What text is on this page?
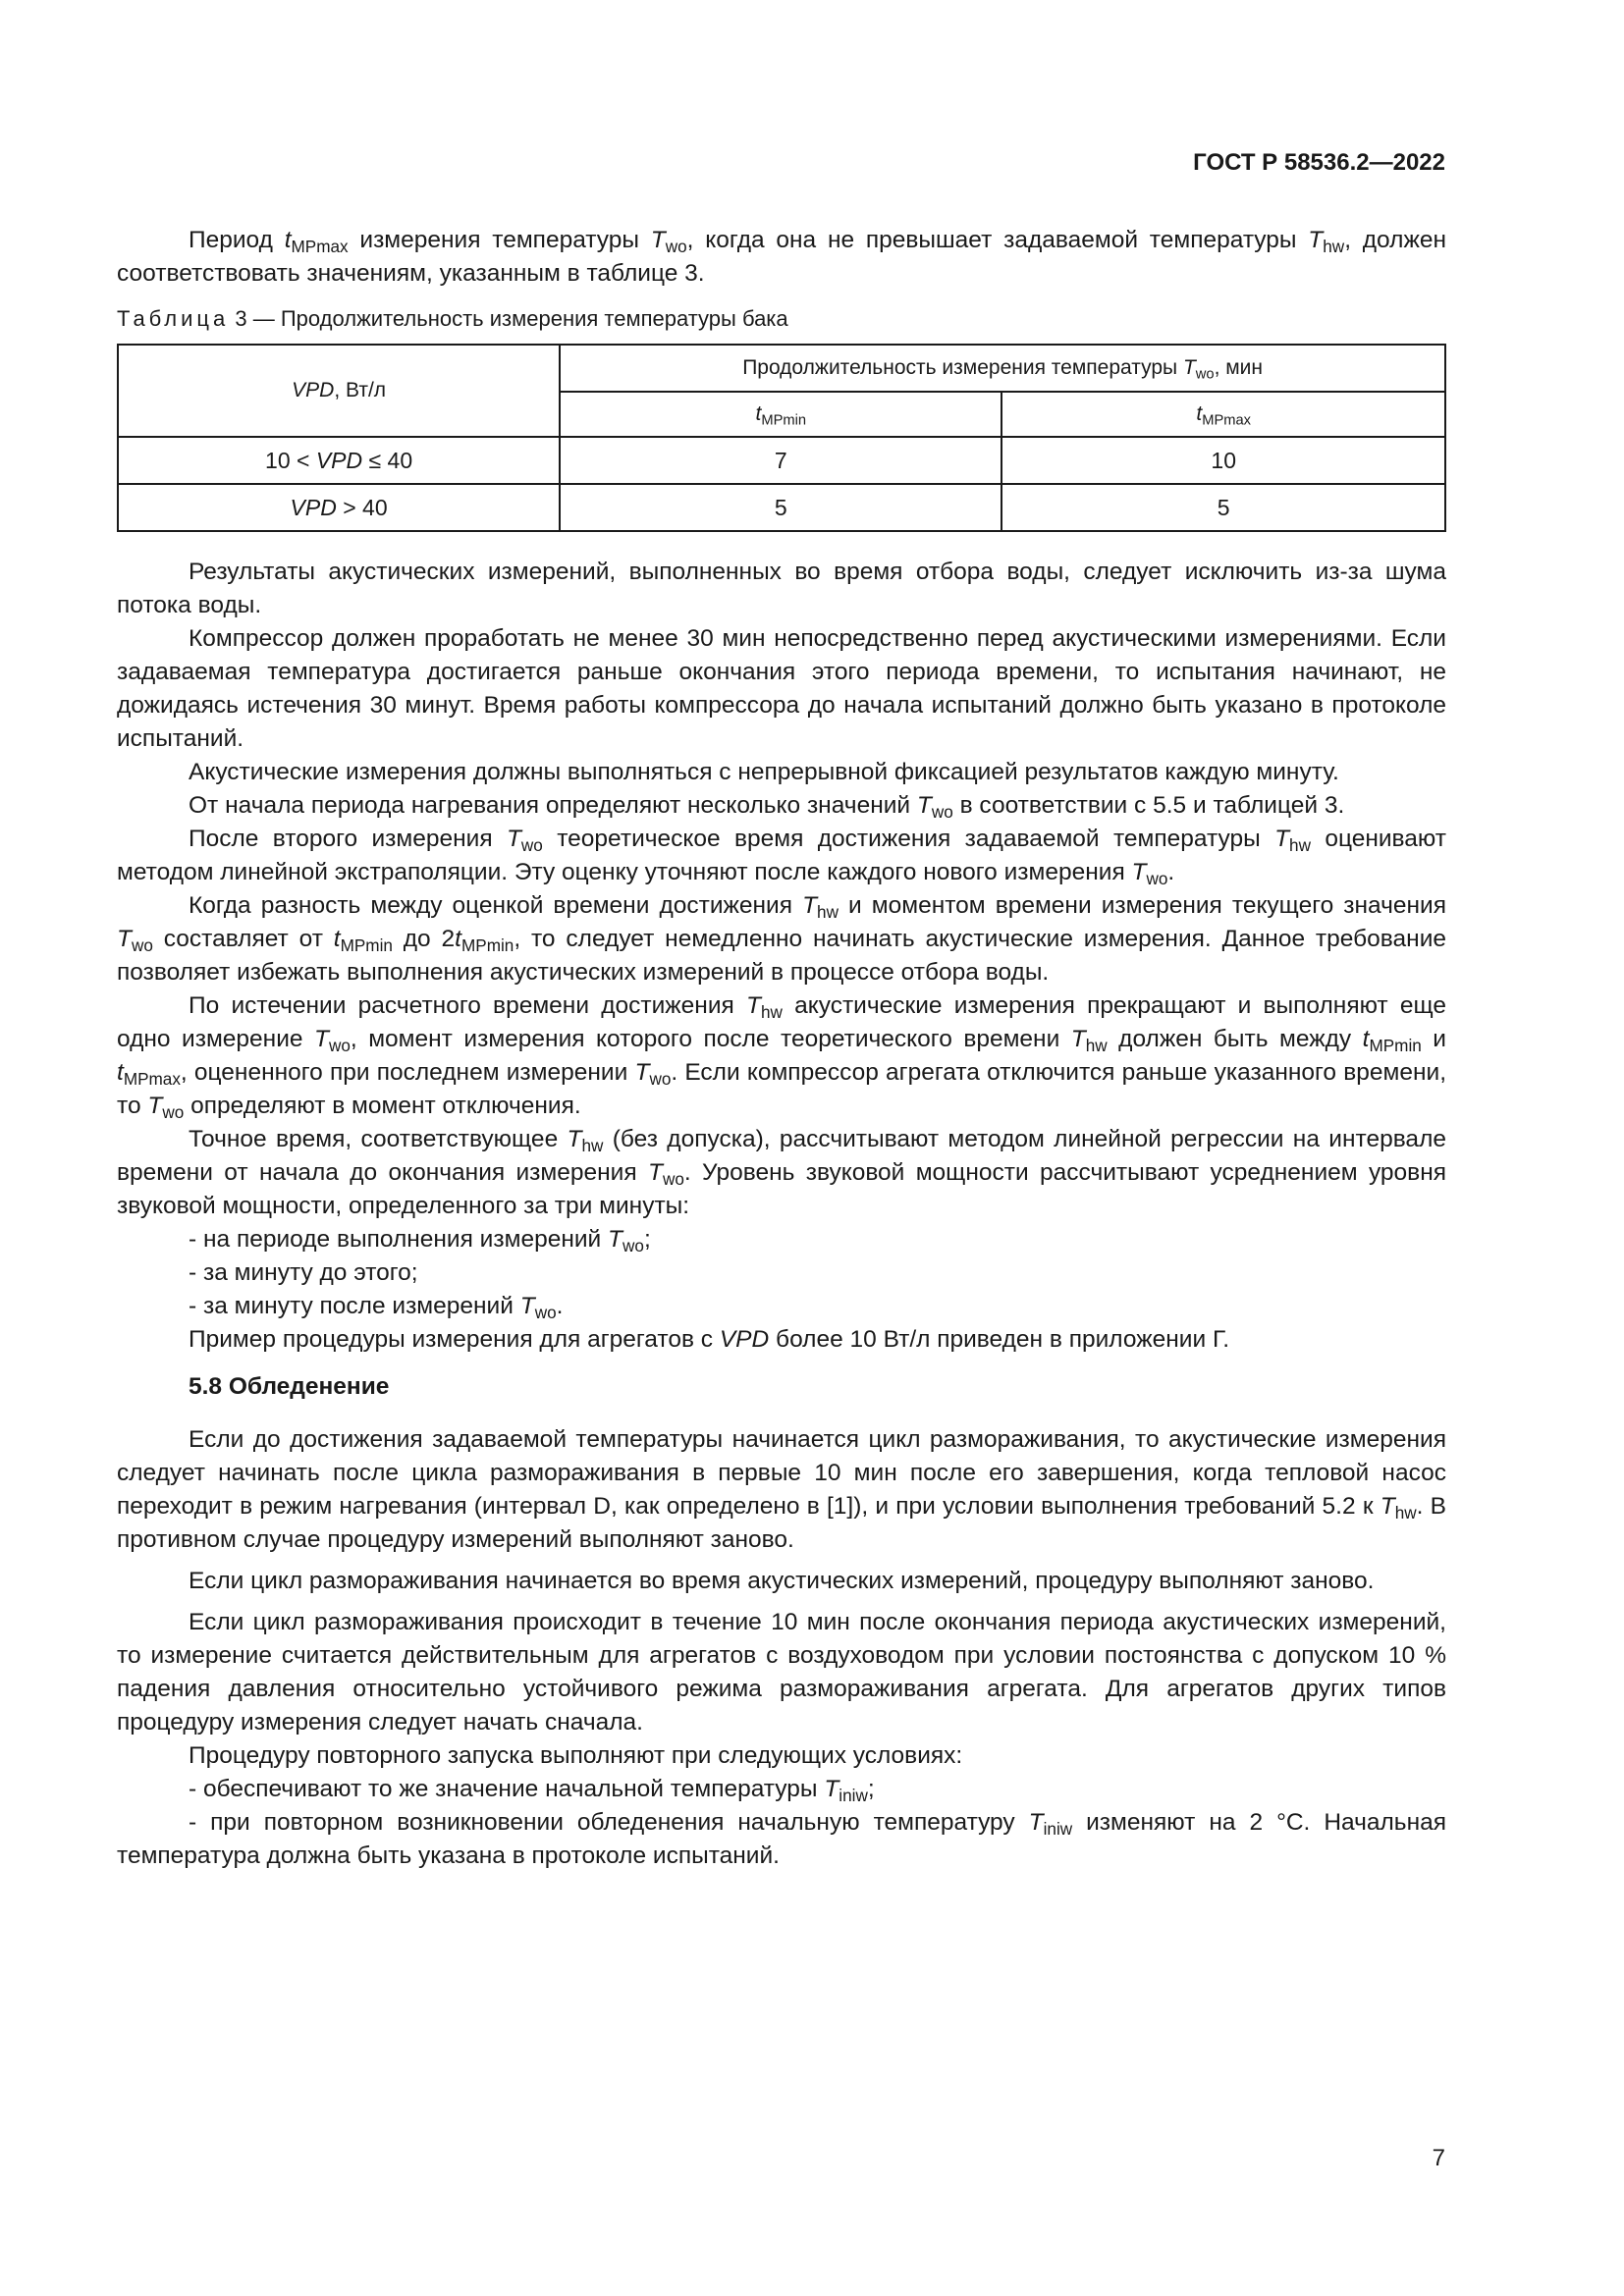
ГОСТ Р 58536.2—2022

Период $t_{MPmax}$ измерения температуры $T_{wo}$, когда она не превышает задаваемой температуры $T_{hw}$, должен соответствовать значениям, указанным в таблице 3.

Таблица 3 — Продолжительность измерения температуры бака
VPD, Вт/л	Продолжительность измерения температуры $T_{wo}$, мин	
	$t_{MPmin}$	$t_{MPmax}$
10 < VPD ≤ 40	7	10
VPD > 40	5	5

Результаты акустических измерений, выполненных во время отбора воды, следует исключить из-за шума потока воды.

Компрессор должен проработать не менее 30 мин непосредственно перед акустическими измерениями. Если задаваемая температура достигается раньше окончания этого периода времени, то испытания начинают, не дожидаясь истечения 30 минут. Время работы компрессора до начала испытаний должно быть указано в протоколе испытаний.

Акустические измерения должны выполняться с непрерывной фиксацией результатов каждую минуту.

От начала периода нагревания определяют несколько значений $T_{wo}$ в соответствии с 5.5 и таблицей 3.

После второго измерения $T_{wo}$ теоретическое время достижения задаваемой температуры $T_{hw}$ оценивают методом линейной экстраполяции. Эту оценку уточняют после каждого нового измерения $T_{wo}$.

Когда разность между оценкой времени достижения $T_{hw}$ и моментом времени измерения текущего значения $T_{wo}$ составляет от $t_{MPmin}$ до $2t_{MPmin}$, то следует немедленно начинать акустические измерения. Данное требование позволяет избежать выполнения акустических измерений в процессе отбора воды.

По истечении расчетного времени достижения $T_{hw}$ акустические измерения прекращают и выполняют еще одно измерение $T_{wo}$, момент измерения которого после теоретического времени $T_{hw}$ должен быть между $t_{MPmin}$ и $t_{MPmax}$, оцененного при последнем измерении $T_{wo}$. Если компрессор агрегата отключится раньше указанного времени, то $T_{wo}$ определяют в момент отключения.

Точное время, соответствующее $T_{hw}$ (без допуска), рассчитывают методом линейной регрессии на интервале времени от начала до окончания измерения $T_{wo}$. Уровень звуковой мощности рассчитывают усреднением уровня звуковой мощности, определенного за три минуты:

- на периоде выполнения измерений $T_{wo}$;

- за минуту до этого;

- за минуту после измерений $T_{wo}$.

Пример процедуры измерения для агрегатов с VPD более 10 Вт/л приведен в приложении Г.

5.8 Обледенение

Если до достижения задаваемой температуры начинается цикл размораживания, то акустические измерения следует начинать после цикла размораживания в первые 10 мин после его завершения, когда тепловой насос переходит в режим нагревания (интервал D, как определено в [1]), и при условии выполнения требований 5.2 к $T_{hw}$. В противном случае процедуру измерений выполняют заново.

Если цикл размораживания начинается во время акустических измерений, процедуру выполняют заново.

Если цикл размораживания происходит в течение 10 мин после окончания периода акустических измерений, то измерение считается действительным для агрегатов с воздуховодом при условии постоянства с допуском 10 % падения давления относительно устойчивого режима размораживания агрегата. Для агрегатов других типов процедуру измерения следует начать сначала.

Процедуру повторного запуска выполняют при следующих условиях:

- обеспечивают то же значение начальной температуры $T_{iniw}$;

- при повторном возникновении обледенения начальную температуру $T_{iniw}$ изменяют на 2 °С. Начальная температура должна быть указана в протоколе испытаний.

7
